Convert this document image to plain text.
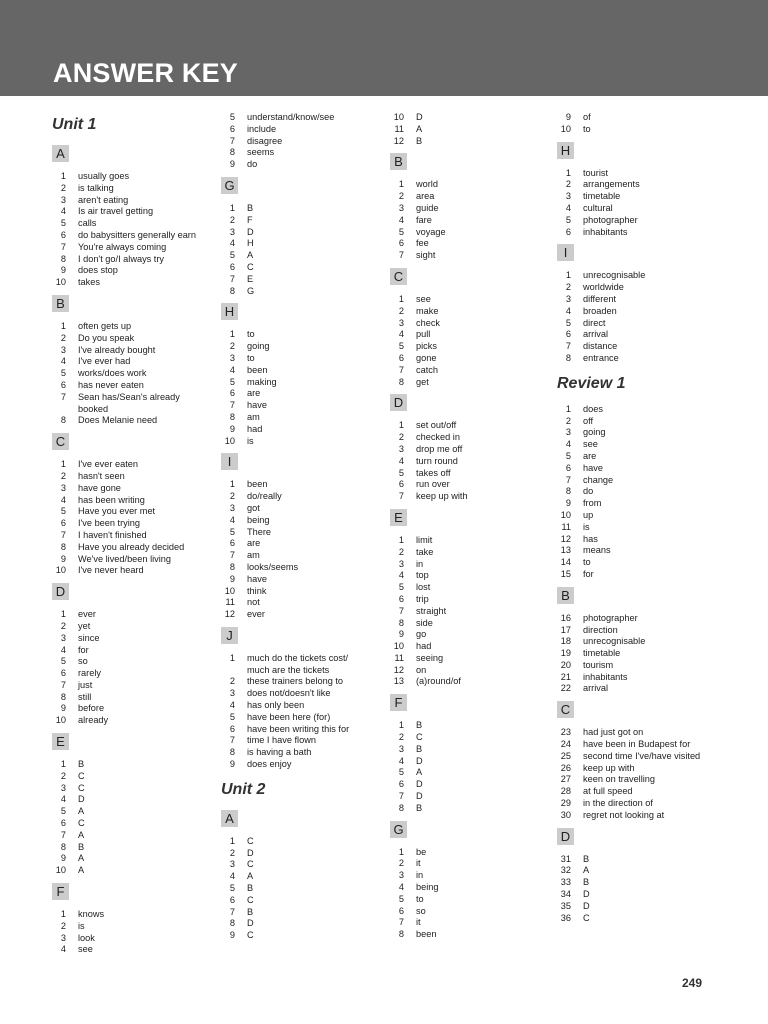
ANSWER KEY
Unit 1
A
1 usually goes
2 is talking
3 aren't eating
4 Is air travel getting
5 calls
6 do babysitters generally earn
7 You're always coming
8 I don't go/I always try
9 does stop
10 takes
B
1 often gets up
2 Do you speak
3 I've already bought
4 I've ever had
5 works/does work
6 has never eaten
7 Sean has/Sean's already
booked
8 Does Melanie need
C
1 I've ever eaten
2 hasn't seen
3 have gone
4 has been writing
5 Have you ever met
6 I've been trying
7 I haven't finished
8 Have you already decided
9 We've lived/been living
10 I've never heard
D
1 ever
2 yet
3 since
4 for
5 so
6 rarely
7 just
8 still
9 before
10 already
E
1 B
2 C
3 C
4 D
5 A
6 C
7 A
8 B
9 A
10 A
F
1 knows
2 is
3 look
4 see
5 understand/know/see
6 include
7 disagree
8 seems
9 do
G
1 B
2 F
3 D
4 H
5 A
6 C
7 E
8 G
H
1 to
2 going
3 to
4 been
5 making
6 are
7 have
8 am
9 had
10 is
I
1 been
2 do/really
3 got
4 being
5 There
6 are
7 am
8 looks/seems
9 have
10 think
11 not
12 ever
J
1 much do the tickets cost/
much are the tickets
2 these trainers belong to
3 does not/doesn't like
4 has only been
5 have been here (for)
6 have been writing this for
7 time I have flown
8 is having a bath
9 does enjoy
Unit 2
A
1 C
2 D
3 C
4 A
5 B
6 C
7 B
8 D
9 C
10 D
11 A
12 B
B
1 world
2 area
3 guide
4 fare
5 voyage
6 fee
7 sight
C
1 see
2 make
3 check
4 pull
5 picks
6 gone
7 catch
8 get
D
1 set out/off
2 checked in
3 drop me off
4 turn round
5 takes off
6 run over
7 keep up with
E
1 limit
2 take
3 in
4 top
5 lost
6 trip
7 straight
8 side
9 go
10 had
11 seeing
12 on
13 (a)round/of
F
1 B
2 C
3 B
4 D
5 A
6 D
7 D
8 B
G
1 be
2 it
3 in
4 being
5 to
6 so
7 it
8 been
9 of
10 to
H
1 tourist
2 arrangements
3 timetable
4 cultural
5 photographer
6 inhabitants
I
1 unrecognisable
2 worldwide
3 different
4 broaden
5 direct
6 arrival
7 distance
8 entrance
Review 1
1 does
2 off
3 going
4 see
5 are
6 have
7 change
8 do
9 from
10 up
11 is
12 has
13 means
14 to
15 for
B
16 photographer
17 direction
18 unrecognisable
19 timetable
20 tourism
21 inhabitants
22 arrival
C
23 had just got on
24 have been in Budapest for
25 second time I've/have visited
26 keep up with
27 keen on travelling
28 at full speed
29 in the direction of
30 regret not looking at
D
31 B
32 A
33 B
34 D
35 D
36 C
249
